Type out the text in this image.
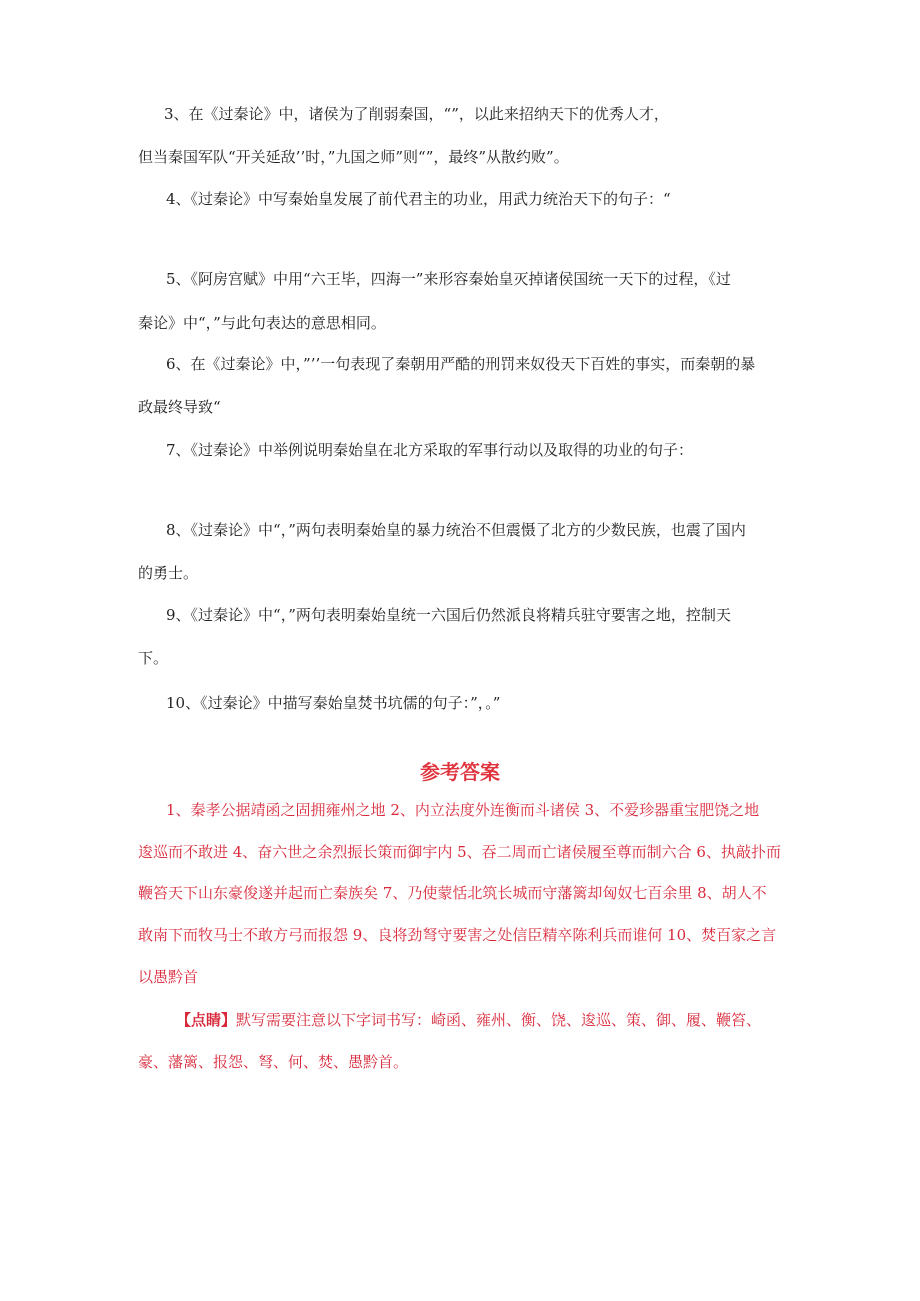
3、在《过秦论》中，诸侯为了削弱秦国，“”，以此来招纳天下的优秀人才，
但当秦国军队“开关延敌’’时，”九国之师”则“”，最终”从散约败”。
4、《过秦论》中写秦始皇发展了前代君主的功业，用武力统治天下的句子：“
5、《阿房宫赋》中用“六王毕，四海一”来形容秦始皇灭掉诸侯国统一天下的过程，《过
秦论》中“，”与此句表达的意思相同。
6、在《过秦论》中，”’’一句表现了秦朝用严酷的刑罚来奴役天下百姓的事实，而秦朝的暴
政最终导致“
7、《过秦论》中举例说明秦始皇在北方采取的军事行动以及取得的功业的句子：
8、《过秦论》中“，”两句表明秦始皇的暴力统治不但震慑了北方的少数民族，也震了国内
的勇士。
9、《过秦论》中“，”两句表明秦始皇统一六国后仍然派良将精兵驻守要害之地，控制天
下。
10、《过秦论》中描写秦始皇焚书坑儒的句子：”，。”
参考答案
1、秦孝公据靖函之固拥雍州之地 2、内立法度外连衡而斗诸侯 3、不爱珍器重宝肥饶之地
逡巡而不敢进 4、奋六世之余烈振长策而御宇内 5、吞二周而亡诸侯履至尊而制六合 6、执敲扑而
鞭笞天下山东豪俊遂并起而亡秦族矣 7、乃使蒙恬北筑长城而守藩篱却匈奴七百余里 8、胡人不
敢南下而牧马士不敢方弓而报怨 9、良将劲弩守要害之处信臣精卒陈利兵而谁何 10、焚百家之言
以愚黔首
【点睛】默写需要注意以下字词书写：崎函、雍州、衡、饶、逡巡、策、御、履、鞭笞、
豪、藩篱、报怨、弩、何、焚、愚黔首。
